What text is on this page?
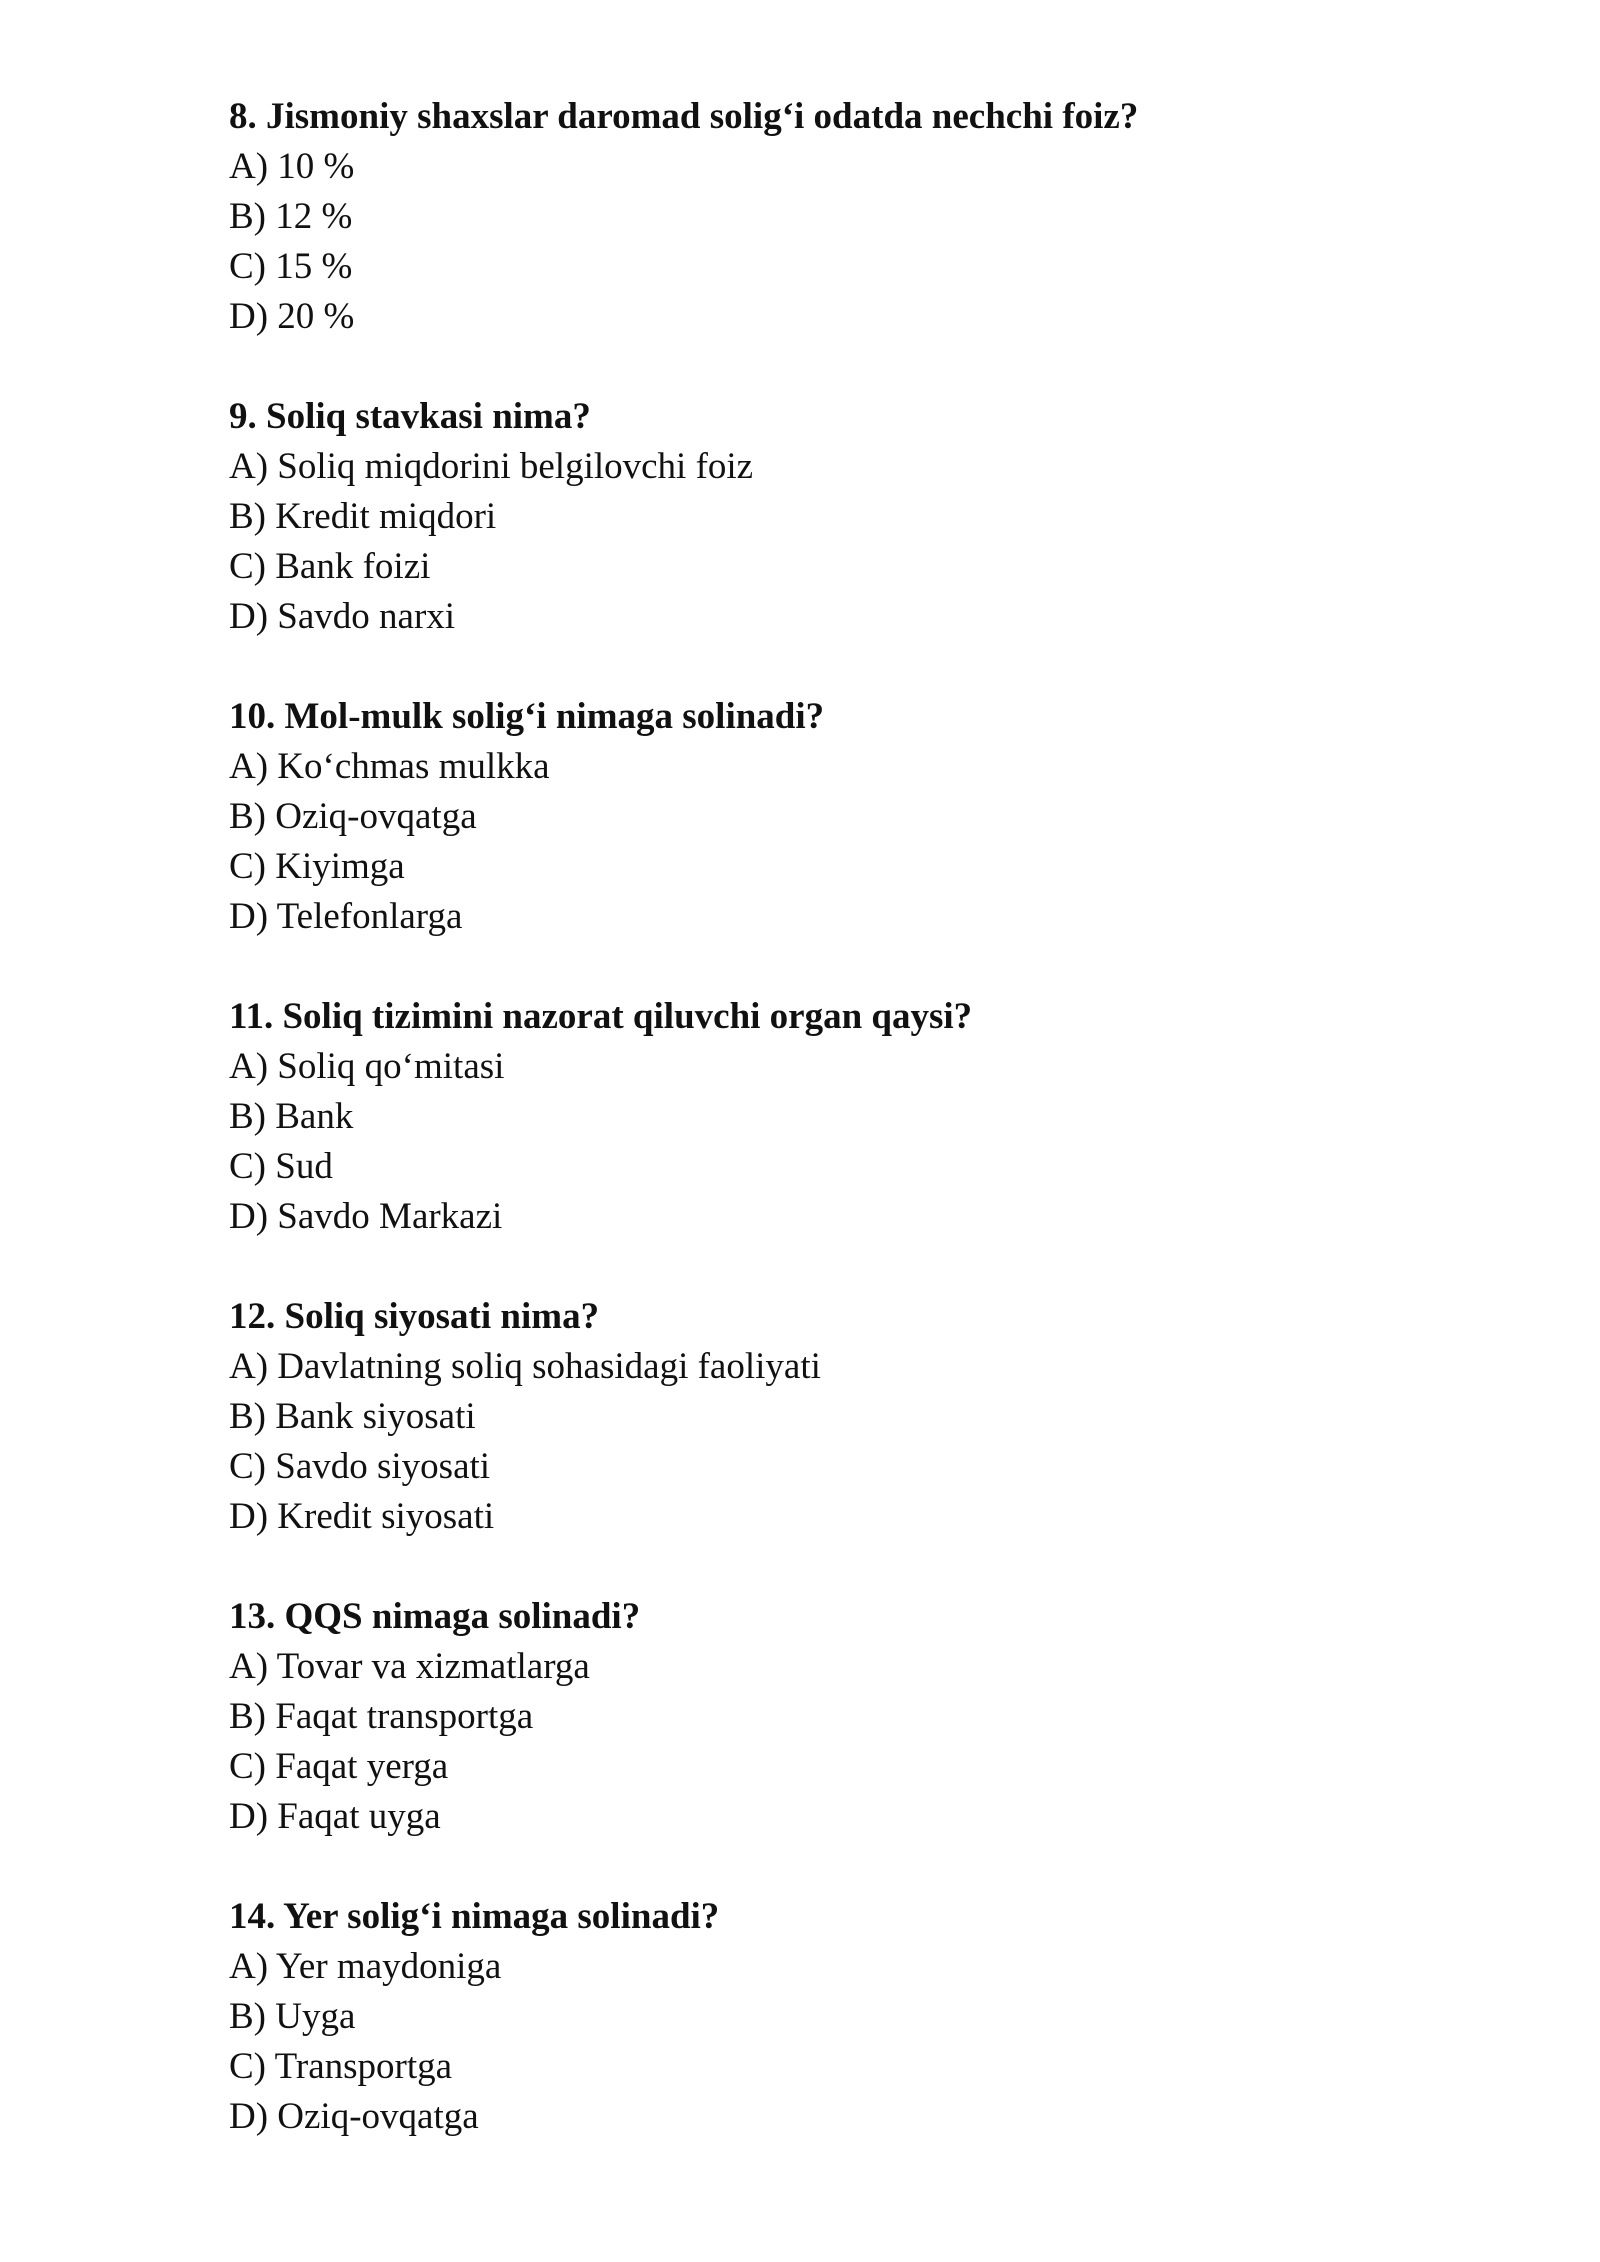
8. Jismoniy shaxslar daromad solig‘i odatda nechchi foiz?
A) 10 %
B) 12 %
C) 15 %
D) 20 %
9. Soliq stavkasi nima?
A) Soliq miqdorini belgilovchi foiz
B) Kredit miqdori
C) Bank foizi
D) Savdo narxi
10. Mol-mulk solig‘i nimaga solinadi?
A) Ko‘chmas mulkka
B) Oziq-ovqatga
C) Kiyimga
D) Telefonlarga
11. Soliq tizimini nazorat qiluvchi organ qaysi?
A) Soliq qo‘mitasi
B) Bank
C) Sud
D) Savdo Markazi
12. Soliq siyosati nima?
A) Davlatning soliq sohasidagi faoliyati
B) Bank siyosati
C) Savdo siyosati
D) Kredit siyosati
13. QQS nimaga solinadi?
A) Tovar va xizmatlarga
B) Faqat transportga
C) Faqat yerga
D) Faqat uyga
14. Yer solig‘i nimaga solinadi?
A) Yer maydoniga
B) Uyga
C) Transportga
D) Oziq-ovqatga
